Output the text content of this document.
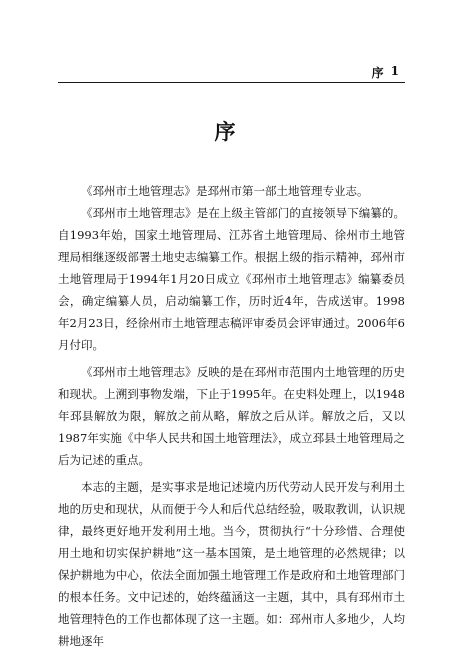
序 1
序

《邳州市土地管理志》是邳州市第一部土地管理专业志。

《邳州市土地管理志》是在上级主管部门的直接领导下编纂的。自1993年始，国家土地管理局、江苏省土地管理局、徐州市土地管理局相继逐级部署土地史志编纂工作。根据上级的指示精神，邳州市土地管理局于1994年1月20日成立《邳州市土地管理志》编纂委员会，确定编纂人员，启动编纂工作，历时近4年，告成送审。1998年2月23日，经徐州市土地管理志稿评审委员会评审通过。2006年6月付印。

《邳州市土地管理志》反映的是在邳州市范围内土地管理的历史和现状。上溯到事物发端，下止于1995年。在史料处理上，以1948年邳县解放为限，解放之前从略，解放之后从详。解放之后，又以1987年实施《中华人民共和国土地管理法》，成立邳县土地管理局之后为记述的重点。

本志的主题，是实事求是地记述境内历代劳动人民开发与利用土地的历史和现状，从而便于今人和后代总结经验，吸取教训，认识规律，最终更好地开发利用土地。当今，贯彻执行“十分珍惜、合理使用土地和切实保护耕地”这一基本国策，是土地管理的必然规律；以保护耕地为中心，依法全面加强土地管理工作是政府和土地管理部门的根本任务。文中记述的，始终蕴涵这一主题，其中，具有邳州市土地管理特色的工作也都体现了这一主题。如：邳州市人多地少，人均耕地逐年
